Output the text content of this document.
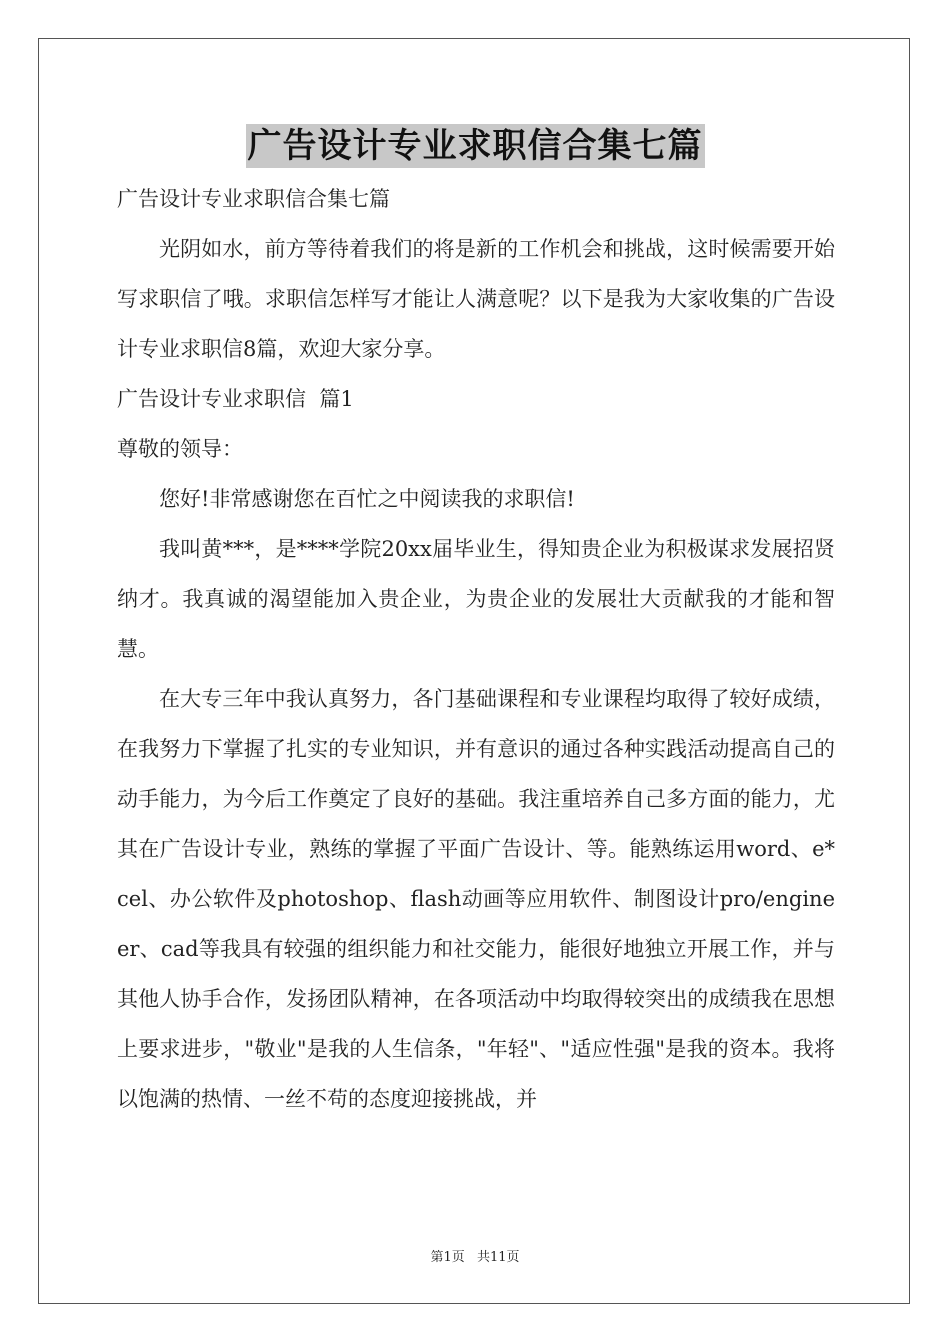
广告设计专业求职信合集七篇

广告设计专业求职信合集七篇

光阴如水，前方等待着我们的将是新的工作机会和挑战，这时候需要开始写求职信了哦。求职信怎样写才能让人满意呢？以下是我为大家收集的广告设计专业求职信8篇，欢迎大家分享。

广告设计专业求职信  篇1

尊敬的领导：

您好!非常感谢您在百忙之中阅读我的求职信!

我叫黄***，是****学院20xx届毕业生，得知贵企业为积极谋求发展招贤纳才。我真诚的渴望能加入贵企业，为贵企业的发展壮大贡献我的才能和智慧。

在大专三年中我认真努力，各门基础课程和专业课程均取得了较好成绩，在我努力下掌握了扎实的专业知识，并有意识的通过各种实践活动提高自己的动手能力，为今后工作奠定了良好的基础。我注重培养自己多方面的能力，尤其在广告设计专业，熟练的掌握了平面广告设计、等。能熟练运用word、e*cel、办公软件及photoshop、flash动画等应用软件、制图设计pro/engineer、cad等我具有较强的组织能力和社交能力，能很好地独立开展工作，并与其他人协手合作，发扬团队精神，在各项活动中均取得较突出的成绩我在思想上要求进步，"敬业"是我的人生信条，"年轻"、"适应性强"是我的资本。我将以饱满的热情、一丝不苟的态度迎接挑战，并

第1页 共11页
